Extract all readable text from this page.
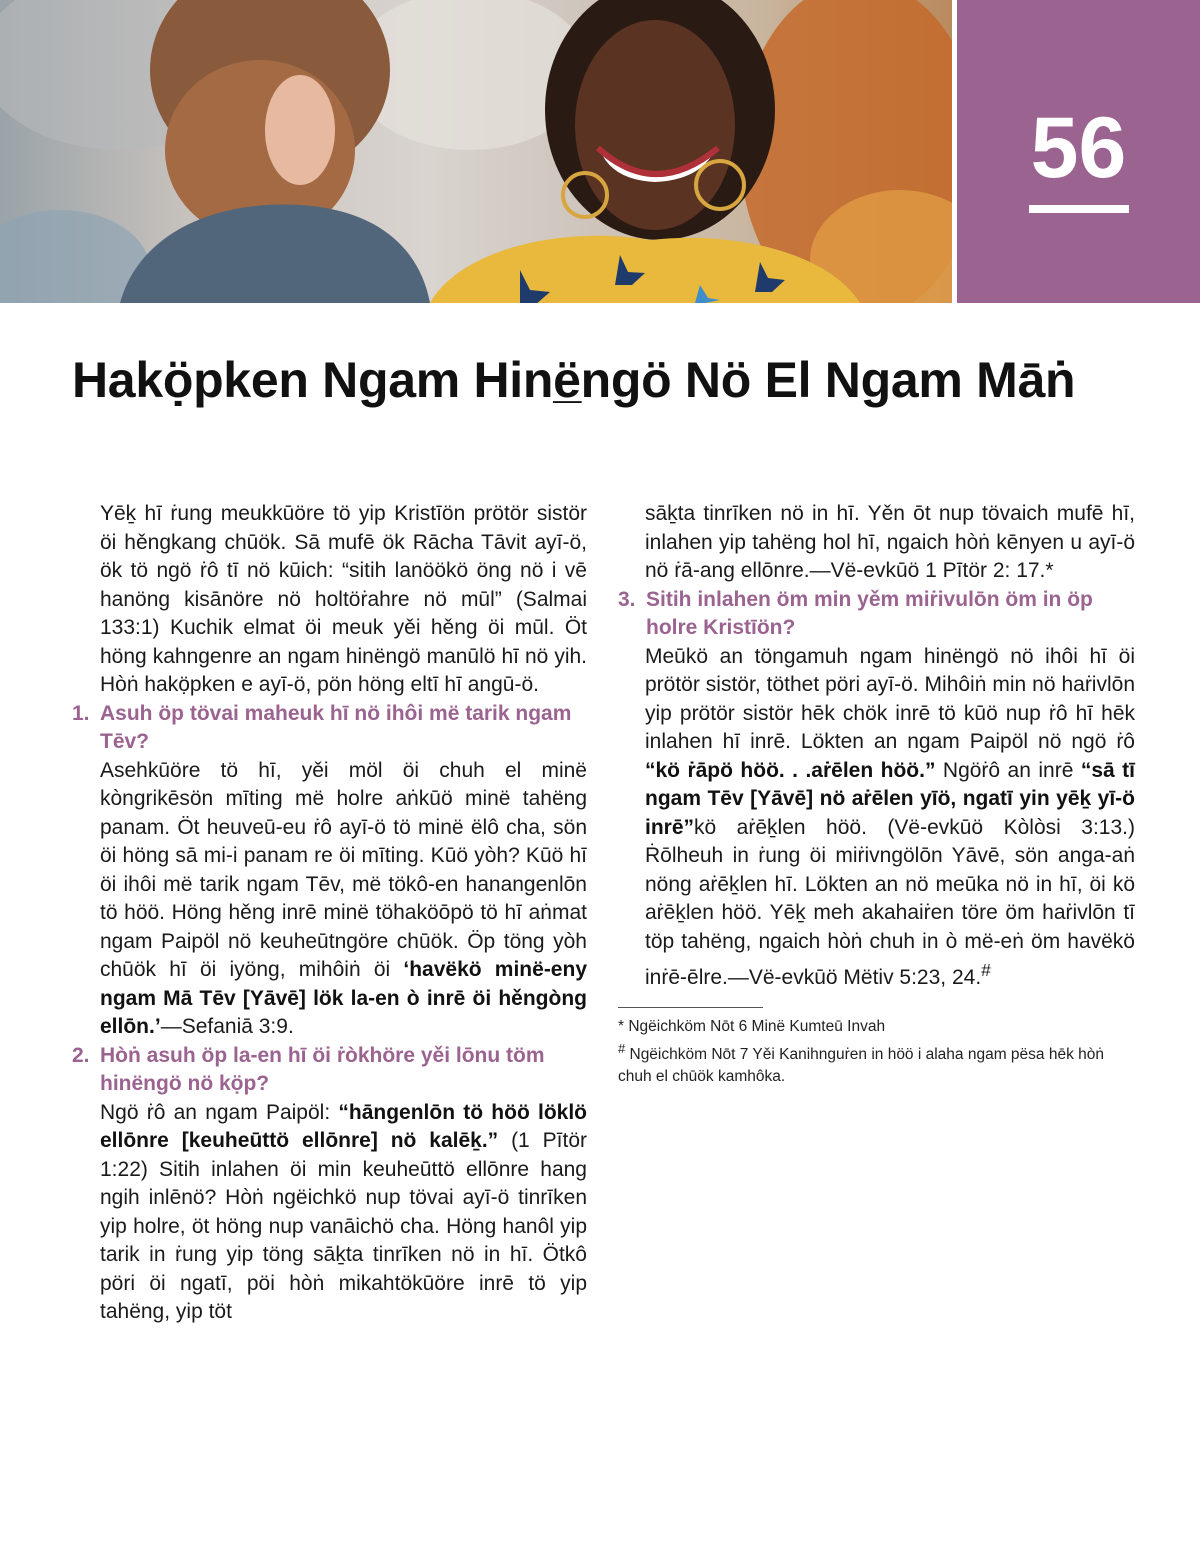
56
Hakọ̈pken Ngam Hinë̲ngö Nö El Ngam Māṅ

Yēḵ hī ṙung meukkūöre tö yip Kristīön prötör sistör öi hěngkang chūök. Sā mufē ök Rācha Tāvit ayī-ö, ök tö ngö ṙô tī nö kūich: “sitih lanöökö öng nö i vē hanöng kisānöre nö holtöṙahre nö mūl” (Salmai 133:1) Kuchik elmat öi meuk yěi hěng öi mūl. Öt höng kahngenre an ngam hinëngö manūlö hī nö yih. Hòṅ hakọ̈pken e ayī-ö, pön höng eltī hī angū-ö.

1. Asuh öp tövai maheuk hī nö ihôi më tarik ngam Tēv?

Asehkūöre tö hī, yěi möl öi chuh el minë kòngrikēsön mīting më holre aṅkūö minë tahëng panam. Öt heuveū-eu ṙô ayī-ö tö minë ëlô cha, sön öi höng sā mi-i panam re öi mīting. Kūö yòh? Kūö hī öi ihôi më tarik ngam Tēv, më tökô-en hanangenlōn tö höö. Höng hěng inrē minë töhaköōpö tö hī aṅmat ngam Paipöl nö keuheūtngöre chūök. Öp töng yòh chūök hī öi iyöng, mihôiṅ öi ‘havëkö minë-eny ngam Mā Tēv [Yāvē] lök la-en ò inrē öi hěngòng ellōn.’—Sefaniā 3:9.

2. Hòṅ asuh öp la-en hī öi ṙòkhöre yěi lōnu töm hinëngö nö kọ̈p?

Ngö ṙô an ngam Paipöl: “hāngenlōn tö höö löklö ellōnre [keuheūttö ellōnre] nö kalēḵ.” (1 Pītör 1:22) Sitih inlahen öi min keuheūttö ellōnre hang ngih inlēnö? Hòṅ ngëichkö nup tövai ayī-ö tinrīken yip holre, öt höng nup vanāichö cha. Höng hanôl yip tarik in ṙung yip töng sāḵta tinrīken nö in hī. Ötkô pöri öi ngatī, pöi hòṅ mikahtökūöre inrē tö yip tahëng, yip töt

sāḵta tinrīken nö in hī. Yěn ōt nup tövaich mufē hī, inlahen yip tahëng hol hī, ngaich hòṅ kēnyen u ayī-ö nö ṙā-ang ellōnre.—Vë-evkūö 1 Pītör 2: 17.*

3. Sitih inlahen öm min yěm miṙivulōn öm in öp holre Kristīön?

Meūkö an töngamuh ngam hinëngö nö ihôi hī öi prötör sistör, töthet pöri ayī-ö. Mihôiṅ min nö haṙivlōn yip prötör sistör hēk chök inrē tö kūö nup ṙô hī hēk inlahen hī inrē. Lökten an ngam Paipöl nö ngö ṙô “kö ṙāpö höö. . .aṙēlen höö.” Ngöṙô an inrē “sā tī ngam Tēv [Yāvē] nö aṙēlen yīö, ngatī yin yēḵ yī-ö inrē”kö aṙēḵlen höö. (Vë-evkūö Kòlòsi 3:13.) Ṙōlheuh in ṙung öi miṙivngölōn Yāvē, sön anga-aṅ nöng aṙēḵlen hī. Lökten an nö meūka nö in hī, öi kö aṙēḵlen höö. Yēḵ meh akahaiṙen töre öm haṙivlōn tī töp tahëng, ngaich hòṅ chuh in ò më-eṅ öm havëkö inṙē-ēlre.—Vë-evkūö Mëtiv 5:23, 24.#

* Ngëichköm Nōt 6 Minë Kumteū Invah

# Ngëichköm Nōt 7 Yěi Kanihnguṙen in höö i alaha ngam pësa hēk hòṅ chuh el chūök kamhôka.
